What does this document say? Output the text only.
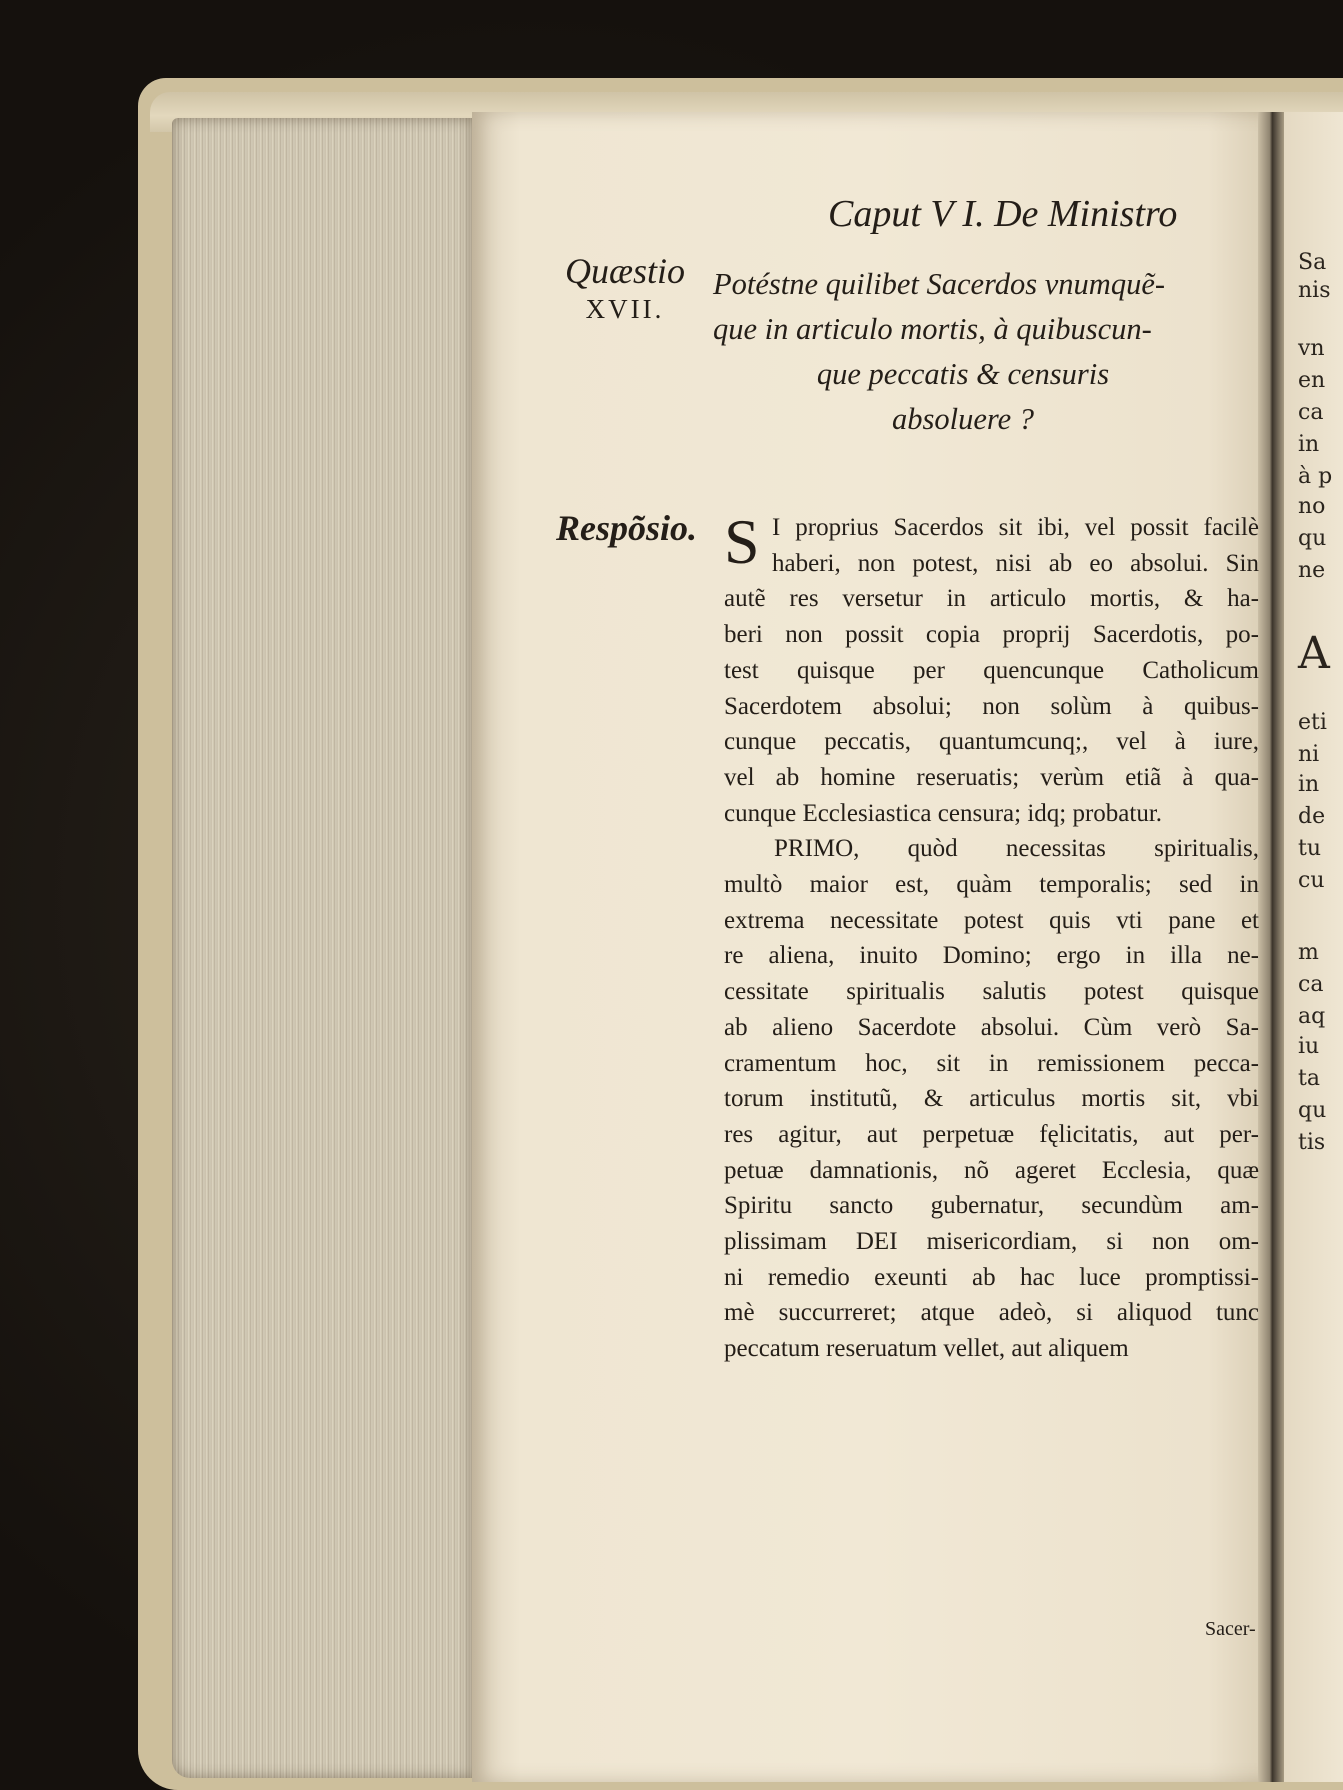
Sa
nis
vn
en
ca
in
à p
no
qu
ne
A
eti
ni
in
de
tu
cu
m
ca
aq
iu
ta
qu
tis
Caput V I. De Ministro
Quæstio
XVII.
Potéstne quilibet Sacerdos vnumquẽ-
que in articulo mortis, à quibuscun-
que peccatis & censuris
absoluere ?
Respõsio. S I proprius Sacerdos sit ibi, vel possit facilè
haberi, non potest, nisi ab eo absolui. Sin
autẽ res versetur in articulo mortis, & ha-
beri non possit copia proprij Sacerdotis, po-
test quisque per quencunque Catholicum
Sacerdotem absolui; non solùm à quibus-
cunque peccatis, quantumcunq;, vel à iure,
vel ab homine reseruatis; verùm etiã à qua-
cunque Ecclesiastica censura; idq; probatur.
PRIMO, quòd necessitas spiritualis,
multò maior est, quàm temporalis; sed in
extrema necessitate potest quis vti pane et
re aliena, inuito Domino; ergo in illa ne-
cessitate spiritualis salutis potest quisque
ab alieno Sacerdote absolui. Cùm verò Sa-
cramentum hoc, sit in remissionem pecca-
torum institutũ, & articulus mortis sit, vbi
res agitur, aut perpetuæ fęlicitatis, aut per-
petuæ damnationis, nõ ageret Ecclesia, quæ
Spiritu sancto gubernatur, secundùm am-
plissimam DEI misericordiam, si non om-
ni remedio exeunti ab hac luce promptissi-
mè succurreret; atque adeò, si aliquod tunc
peccatum reseruatum vellet, aut aliquem
Sacer-
